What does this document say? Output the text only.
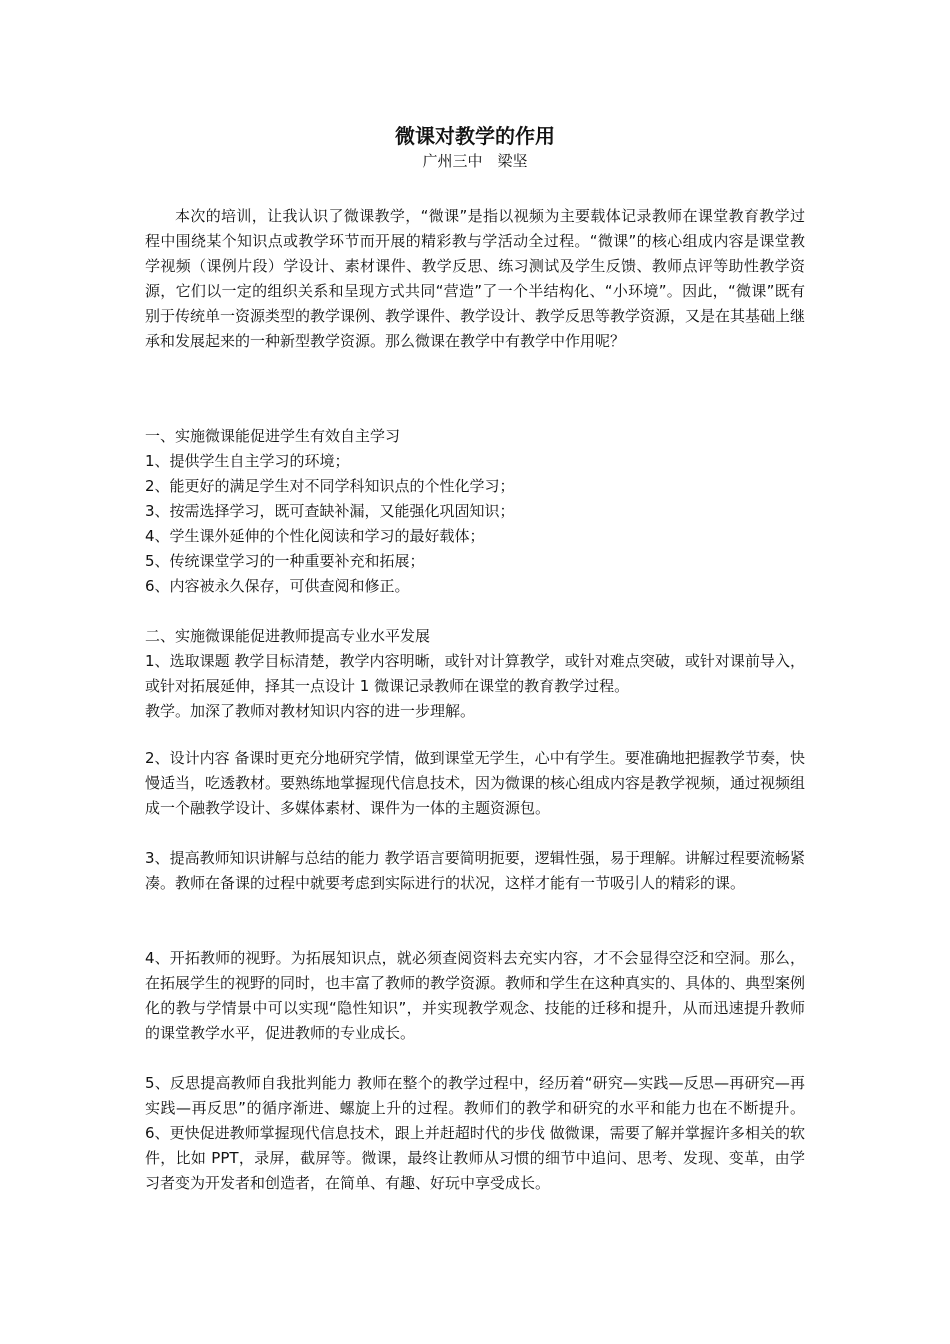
微课对教学的作用
广州三中　梁坚

本次的培训，让我认识了微课教学，“微课”是指以视频为主要载体记录教师在课堂教育教学过程中围绕某个知识点或教学环节而开展的精彩教与学活动全过程。“微课”的核心组成内容是课堂教学视频（课例片段）学设计、素材课件、教学反思、练习测试及学生反馈、教师点评等助性教学资源，它们以一定的组织关系和呈现方式共同“营造”了一个半结构化、“小环境”。因此，“微课”既有别于传统单一资源类型的教学课例、教学课件、教学设计、教学反思等教学资源，又是在其基础上继承和发展起来的一种新型教学资源。那么微课在教学中有教学中作用呢？

一、实施微课能促进学生有效自主学习
1、提供学生自主学习的环境；
2、能更好的满足学生对不同学科知识点的个性化学习；
3、按需选择学习，既可查缺补漏，又能强化巩固知识；
4、学生课外延伸的个性化阅读和学习的最好载体；
5、传统课堂学习的一种重要补充和拓展；
6、内容被永久保存，可供查阅和修正。
二、实施微课能促进教师提高专业水平发展

1、选取课题 教学目标清楚，教学内容明晰，或针对计算教学，或针对难点突破，或针对课前导入，或针对拓展延伸，择其一点设计 1 微课记录教师在课堂的教育教学过程。

教学。加深了教师对教材知识内容的进一步理解。

2、设计内容 备课时更充分地研究学情，做到课堂无学生，心中有学生。要准确地把握教学节奏，快慢适当，吃透教材。要熟练地掌握现代信息技术，因为微课的核心组成内容是教学视频，通过视频组成一个融教学设计、多媒体素材、课件为一体的主题资源包。

3、提高教师知识讲解与总结的能力 教学语言要简明扼要，逻辑性强，易于理解。讲解过程要流畅紧凑。教师在备课的过程中就要考虑到实际进行的状况，这样才能有一节吸引人的精彩的课。

4、开拓教师的视野。为拓展知识点，就必须查阅资料去充实内容，才不会显得空泛和空洞。那么，在拓展学生的视野的同时，也丰富了教师的教学资源。教师和学生在这种真实的、具体的、典型案例化的教与学情景中可以实现“隐性知识”，并实现教学观念、技能的迁移和提升，从而迅速提升教师的课堂教学水平，促进教师的专业成长。

5、反思提高教师自我批判能力 教师在整个的教学过程中，经历着“研究—实践—反思—再研究—再实践—再反思”的循序渐进、螺旋上升的过程。教师们的教学和研究的水平和能力也在不断提升。6、更快促进教师掌握现代信息技术，跟上并赶超时代的步伐 做微课，需要了解并掌握许多相关的软件，比如 PPT，录屏，截屏等。微课，最终让教师从习惯的细节中追问、思考、发现、变革，由学习者变为开发者和创造者，在简单、有趣、好玩中享受成长。
